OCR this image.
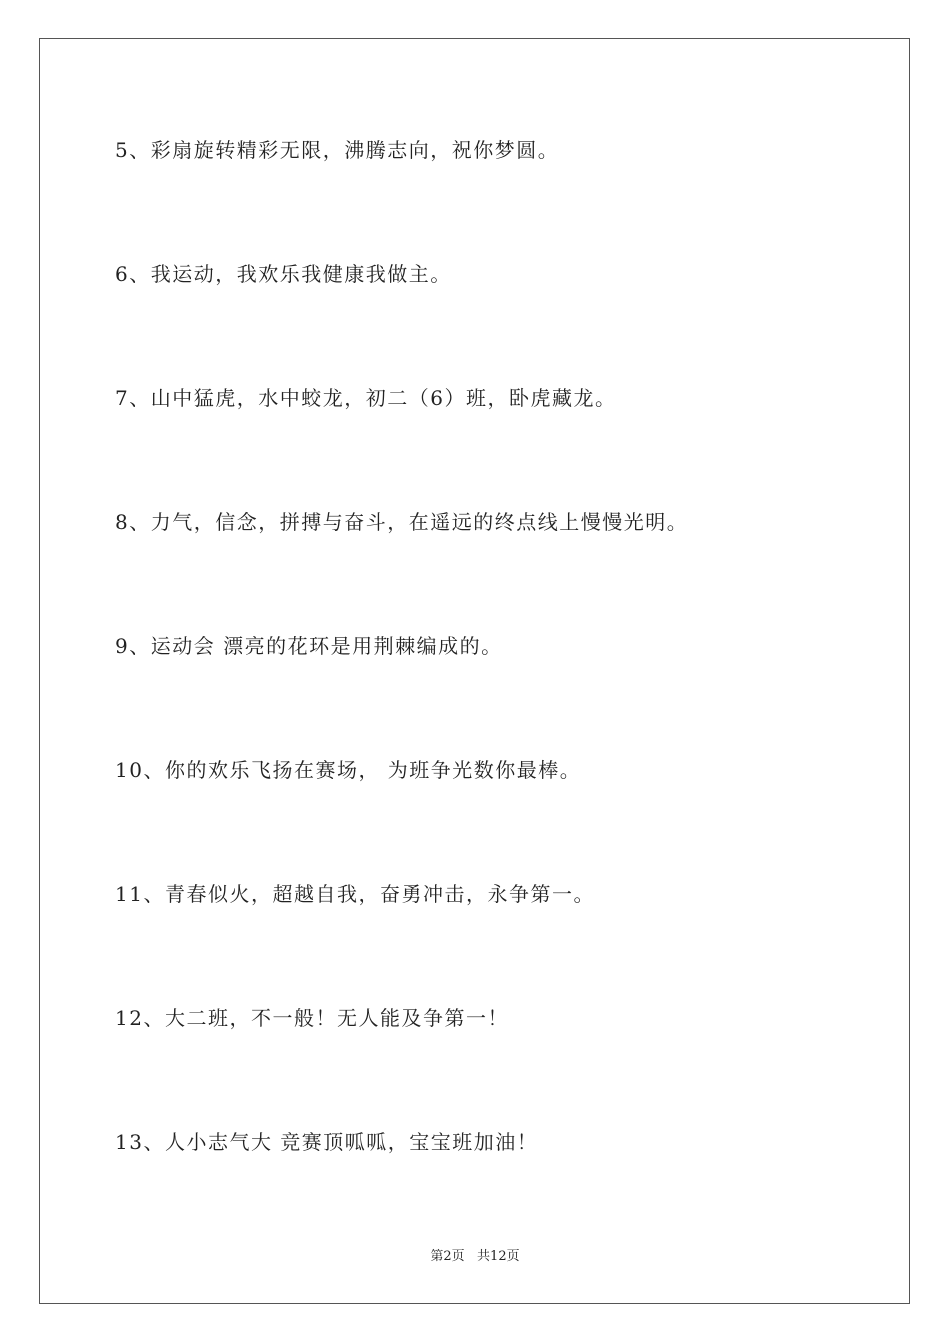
5、彩扇旋转精彩无限，沸腾志向，祝你梦圆。
6、我运动，我欢乐我健康我做主。
7、山中猛虎，水中蛟龙，初二（6）班，卧虎藏龙。
8、力气，信念，拼搏与奋斗，在遥远的终点线上慢慢光明。
9、运动会 漂亮的花环是用荆棘编成的。
10、你的欢乐飞扬在赛场， 为班争光数你最棒。
11、青春似火，超越自我，奋勇冲击，永争第一。
12、大二班，不一般！无人能及争第一！
13、人小志气大 竞赛顶呱呱，宝宝班加油！
第2页   共12页
